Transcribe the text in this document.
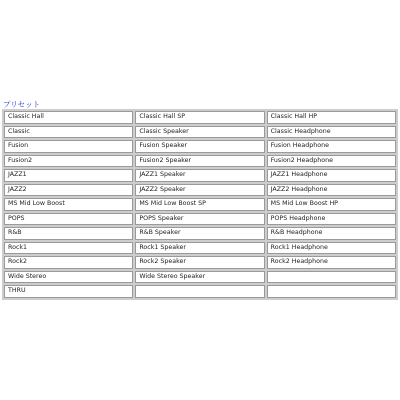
プリセット
Classic Hall	Classic Hall SP	Classic Hall HP
Classic	Classic Speaker	Classic Headphone
Fusion	Fusion Speaker	Fusion Headphone
Fusion2	Fusion2 Speaker	Fusion2 Headphone
JAZZ1	JAZZ1 Speaker	JAZZ1 Headphone
JAZZ2	JAZZ2 Speaker	JAZZ2 Headphone
MS Mid Low Boost	MS Mid Low Boost SP	MS Mid Low Boost HP
POPS	POPS Speaker	POPS Headphone
R&B	R&B Speaker	R&B Headphone
Rock1	Rock1 Speaker	Rock1 Headphone
Rock2	Rock2 Speaker	Rock2 Headphone
Wide Stereo	Wide Stereo Speaker	
THRU		
